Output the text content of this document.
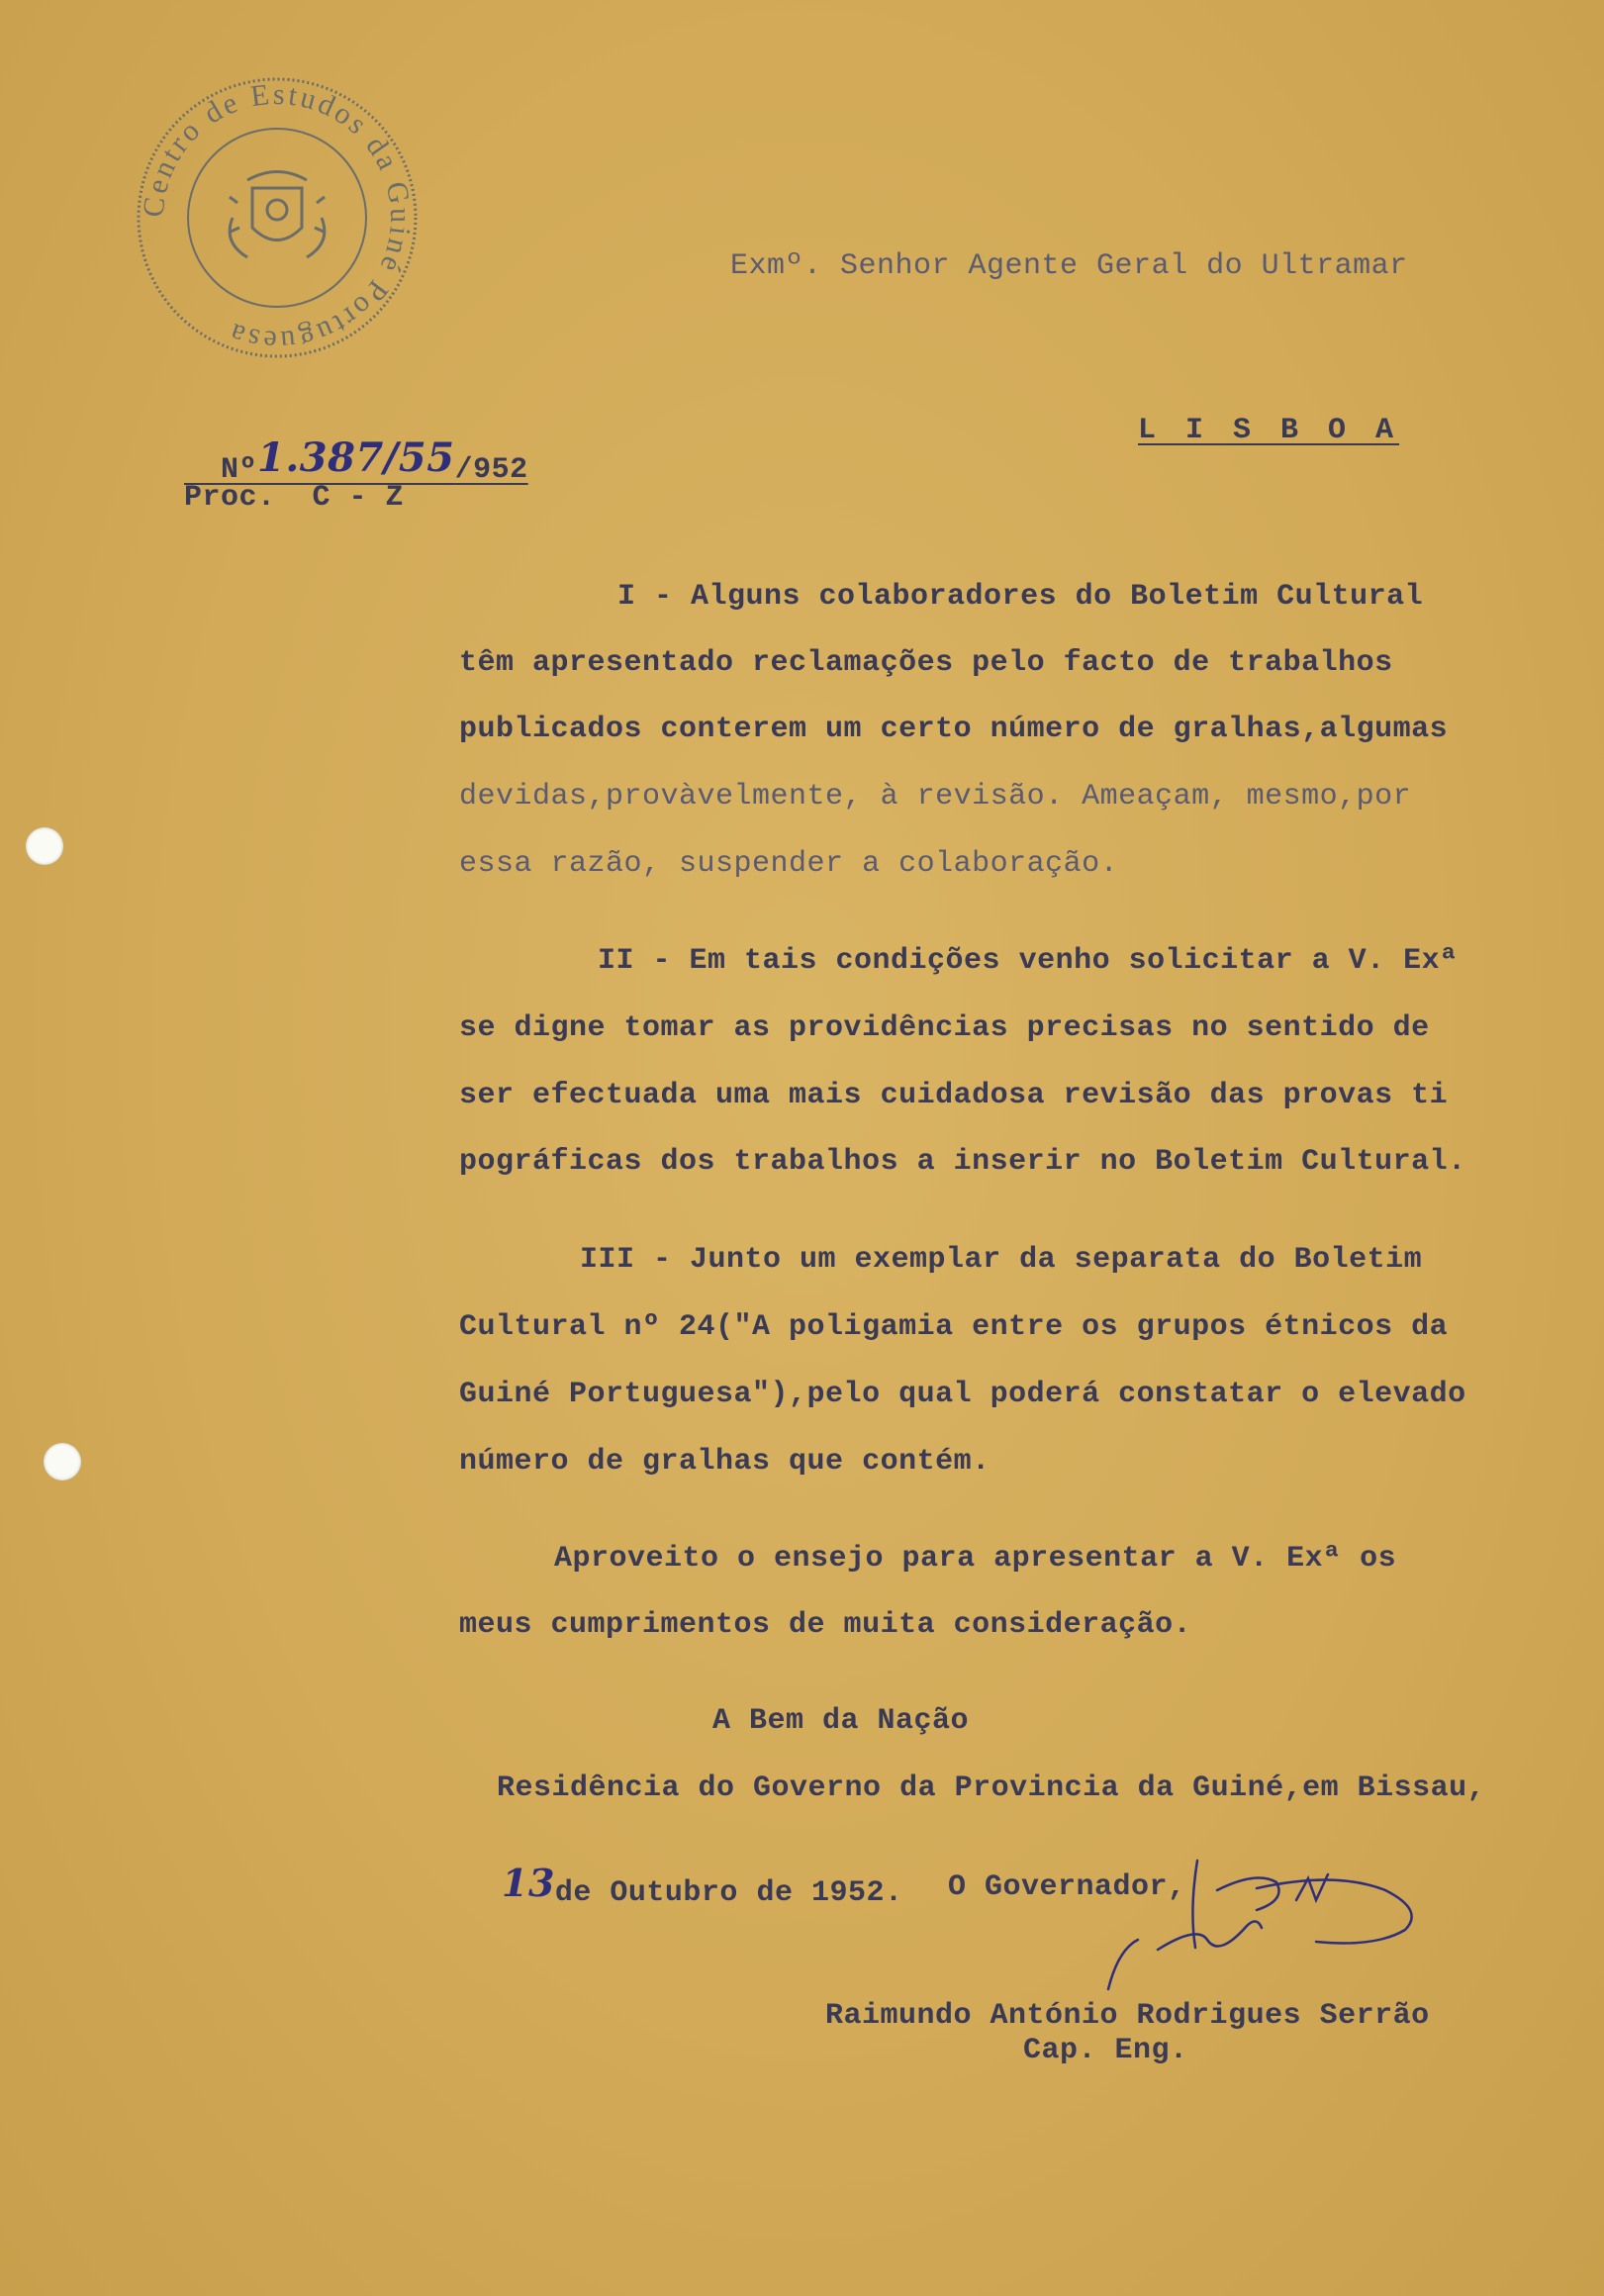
Centro de Estudos da Guiné Portuguesa
Exmº. Senhor Agente Geral do Ultramar

Nº1.387/55/952

L I S B O A
Proc.  C - Z
I - Alguns colaboradores do Boletim Cultural
têm apresentado reclamações pelo facto de trabalhos
publicados conterem um certo número de gralhas,algumas
devidas,provàvelmente, à revisão. Ameaçam, mesmo,por
essa razão, suspender a colaboração.
II - Em tais condições venho solicitar a V. Exª
se digne tomar as providências precisas no sentido de
ser efectuada uma mais cuidadosa revisão das provas ti
pográficas dos trabalhos a inserir no Boletim Cultural.
III - Junto um exemplar da separata do Boletim
Cultural nº 24("A poligamia entre os grupos étnicos da
Guiné Portuguesa"),pelo qual poderá constatar o elevado
número de gralhas que contém.
Aproveito o ensejo para apresentar a V. Exª os
meus cumprimentos de muita consideração.
A Bem da Nação
Residência do Governo da Provincia da Guiné,em Bissau,

13de Outubro de 1952. O Governador,
Raimundo António Rodrigues Serrão
Cap. Eng.
